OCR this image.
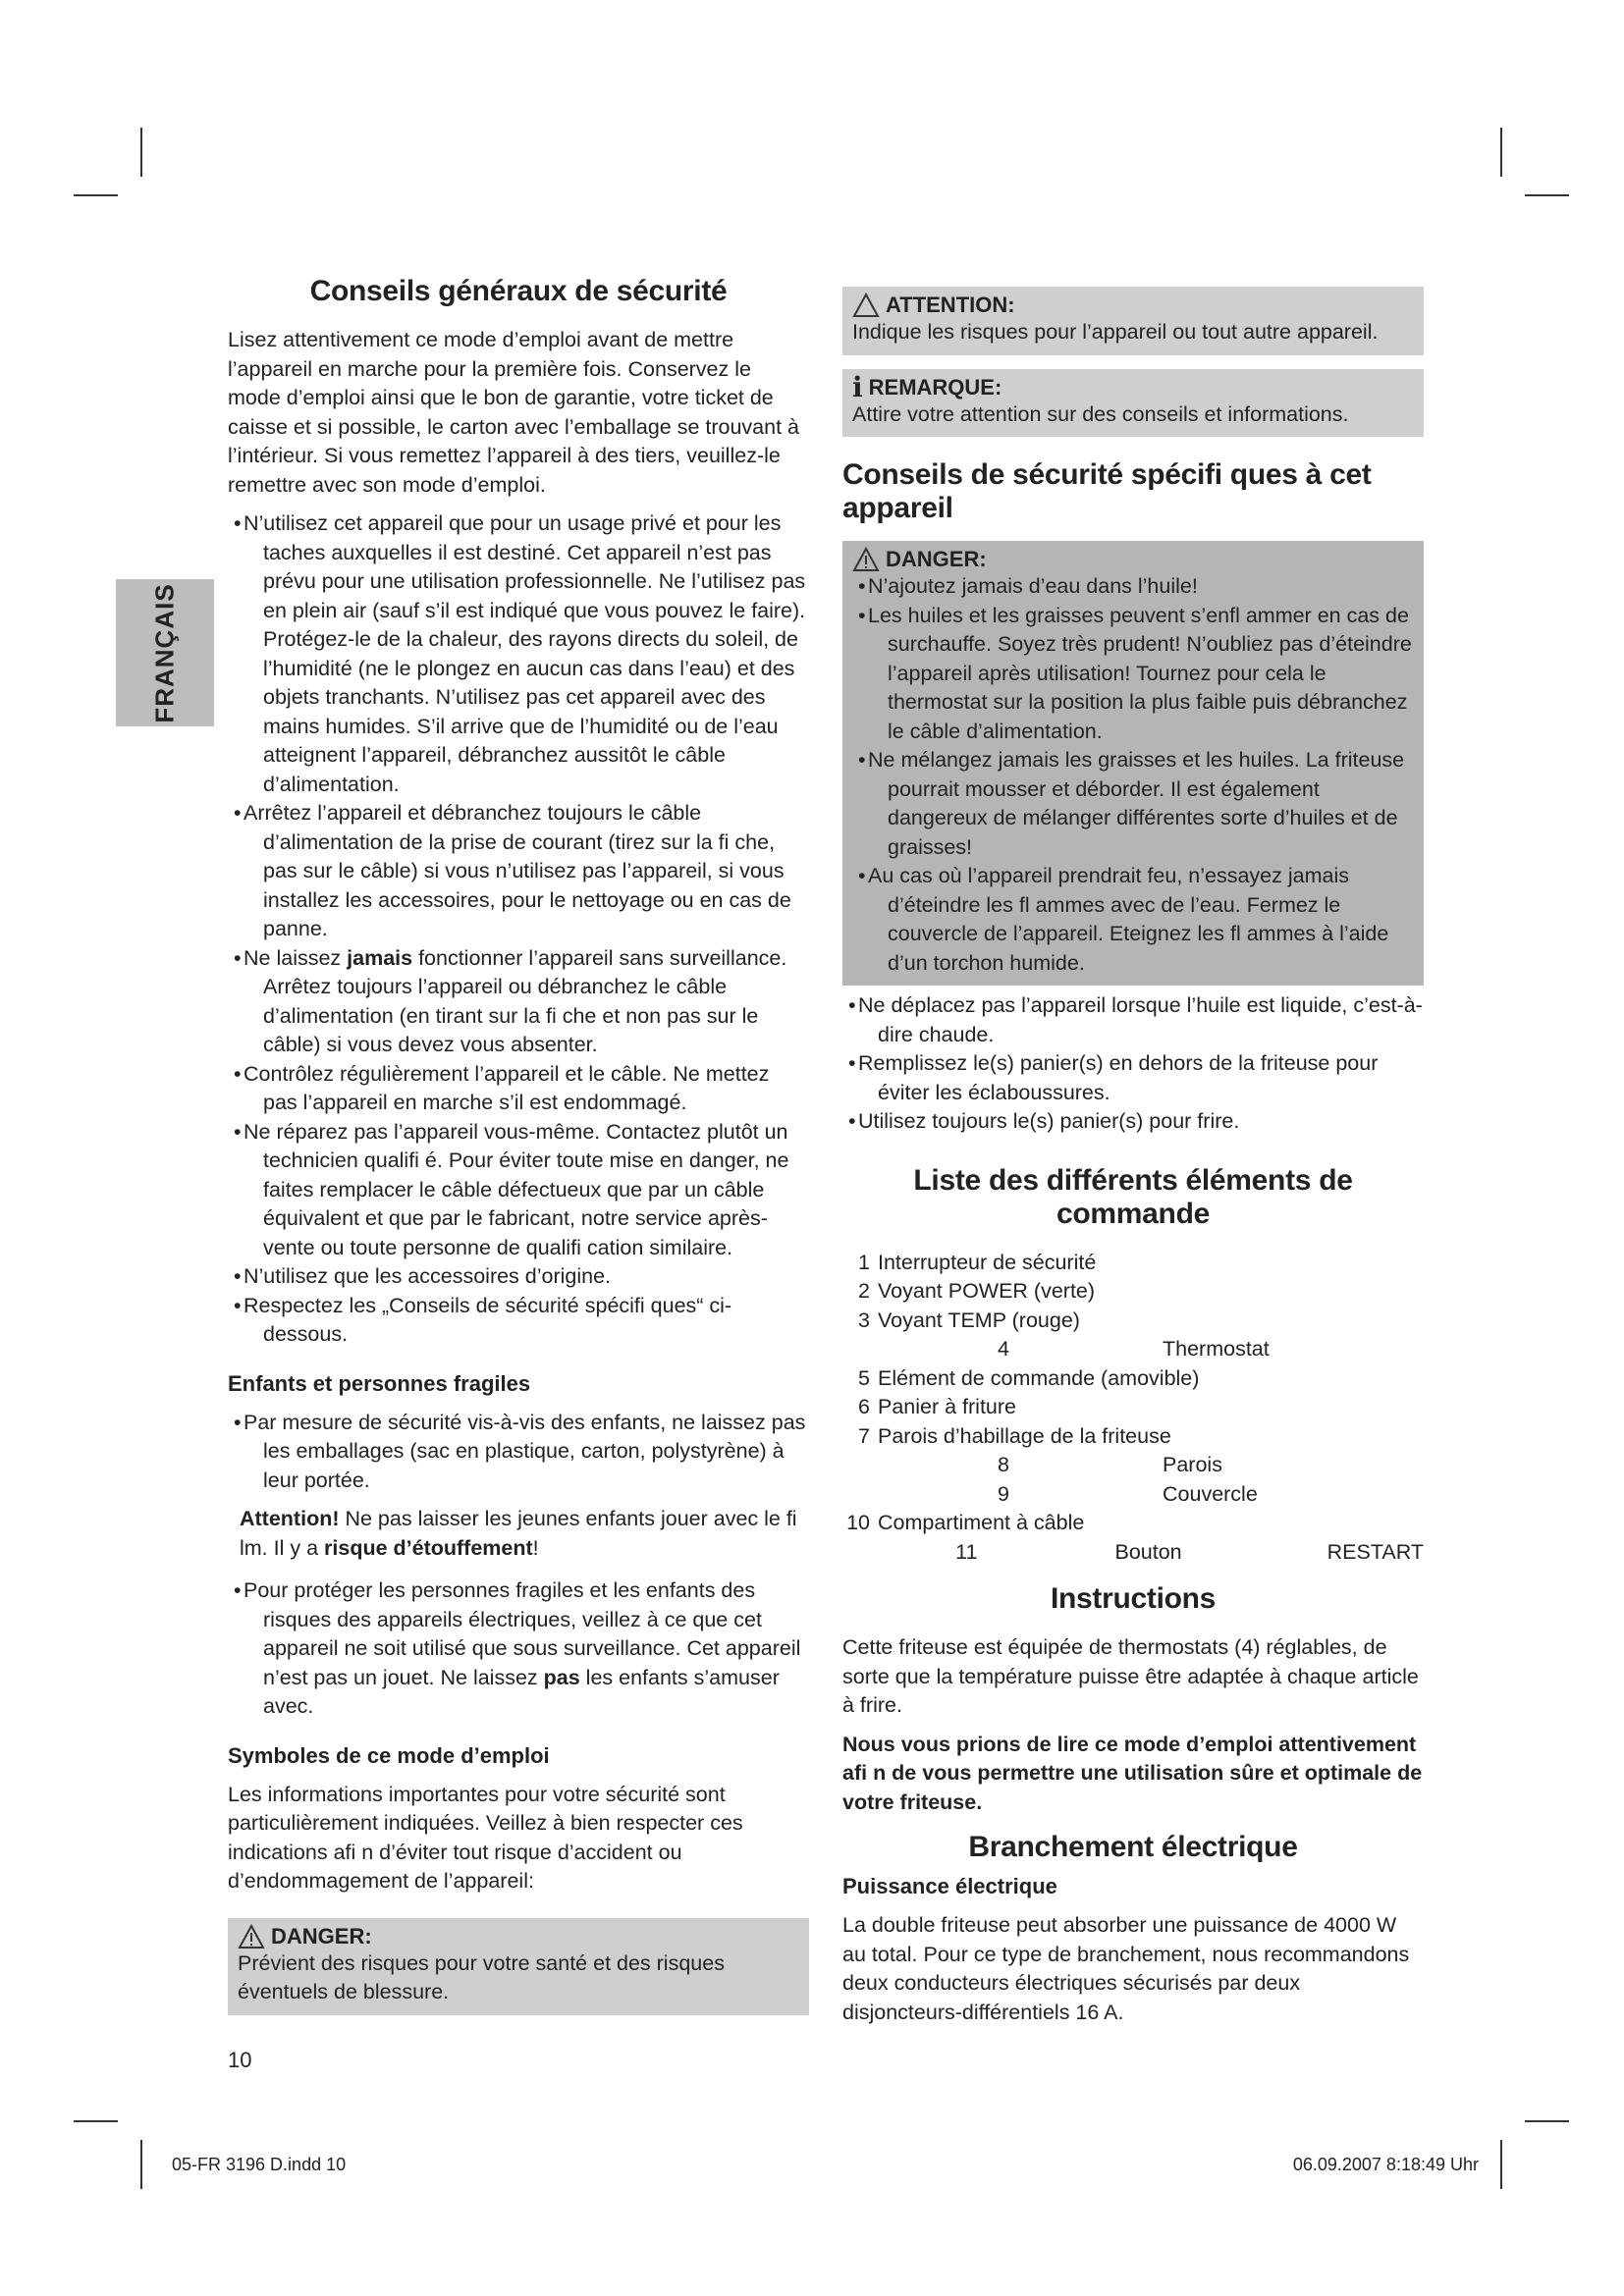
FRANÇAIS
Conseils généraux de sécurité

Lisez attentivement ce mode d’emploi avant de mettre l’appareil en marche pour la première fois. Conservez le mode d’emploi ainsi que le bon de garantie, votre ticket de caisse et si possible, le carton avec l’emballage se trouvant à l’intérieur. Si vous remettez l’appareil à des tiers, veuillez-le remettre avec son mode d’emploi.

• N’utilisez cet appareil que pour un usage privé et pour les taches auxquelles il est destiné. Cet appareil n’est pas prévu pour une utilisation professionnelle. Ne l’utilisez pas en plein air (sauf s’il est indiqué que vous pouvez le faire). Protégez-le de la chaleur, des rayons directs du soleil, de l’humidité (ne le plongez en aucun cas dans l’eau) et des objets tranchants. N’utilisez pas cet appareil avec des mains humides. S’il arrive que de l’humidité ou de l’eau atteignent l’appareil, débranchez aussitôt le câble d’alimentation.
• Arrêtez l’appareil et débranchez toujours le câble d’alimentation de la prise de courant (tirez sur la fi che, pas sur le câble) si vous n’utilisez pas l’appareil, si vous installez les accessoires, pour le nettoyage ou en cas de panne.
• Ne laissez jamais fonctionner l’appareil sans surveillance. Arrêtez toujours l’appareil ou débranchez le câble d’alimentation (en tirant sur la fi che et non pas sur le câble) si vous devez vous absenter.
• Contrôlez régulièrement l’appareil et le câble. Ne mettez pas l’appareil en marche s’il est endommagé.
• Ne réparez pas l’appareil vous-même. Contactez plutôt un technicien qualifi é. Pour éviter toute mise en danger, ne faites remplacer le câble défectueux que par un câble équivalent et que par le fabricant, notre service après-vente ou toute personne de qualifi cation similaire.
• N’utilisez que les accessoires d’origine.
• Respectez les „Conseils de sécurité spécifi ques“ ci-dessous.
Enfants et personnes fragiles
• Par mesure de sécurité vis-à-vis des enfants, ne laissez pas les emballages (sac en plastique, carton, polystyrène) à leur portée.

Attention! Ne pas laisser les jeunes enfants jouer avec le fi lm. Il y a risque d’étouffement!

• Pour protéger les personnes fragiles et les enfants des risques des appareils électriques, veillez à ce que cet appareil ne soit utilisé que sous surveillance. Cet appareil n’est pas un jouet. Ne laissez pas les enfants s’amuser avec.
Symboles de ce mode d’emploi

Les informations importantes pour votre sécurité sont particulièrement indiquées. Veillez à bien respecter ces indications afi n d’éviter tout risque d’accident ou d’endommagement de l’appareil:

DANGER:

Prévient des risques pour votre santé et des risques éventuels de blessure.

ATTENTION:

Indique les risques pour l’appareil ou tout autre appareil.

i REMARQUE:

Attire votre attention sur des conseils et informations.

Conseils de sécurité spécifi ques à cet appareil
DANGER:
• N’ajoutez jamais d’eau dans l’huile!
• Les huiles et les graisses peuvent s’enfl ammer en cas de surchauffe. Soyez très prudent! N’oubliez pas d’éteindre l’appareil après utilisation! Tournez pour cela le thermostat sur la position la plus faible puis débranchez le câble d’alimentation.
• Ne mélangez jamais les graisses et les huiles. La friteuse pourrait mousser et déborder. Il est également dangereux de mélanger différentes sorte d’huiles et de graisses!
• Au cas où l’appareil prendrait feu, n’essayez jamais d’éteindre les fl ammes avec de l’eau. Fermez le couvercle de l’appareil. Eteignez les fl ammes à l’aide d’un torchon humide.
• Ne déplacez pas l’appareil lorsque l’huile est liquide, c’est-à-dire chaude.
• Remplissez le(s) panier(s) en dehors de la friteuse pour éviter les éclaboussures.
• Utilisez toujours le(s) panier(s) pour frire.
Liste des différents éléments de commande
1 Interrupteur de sécurité
2 Voyant POWER (verte)
3 Voyant TEMP (rouge)
4	Thermostat
5 Elément de commande (amovible)
6 Panier à friture
7 Parois d’habillage de la friteuse
8	Parois
9	Couvercle
10 Compartiment à câble
11	Bouton	RESTART
Instructions

Cette friteuse est équipée de thermostats (4) réglables, de sorte que la température puisse être adaptée à chaque article à frire.

Nous vous prions de lire ce mode d’emploi attentivement afi n de vous permettre une utilisation sûre et optimale de votre friteuse.

Branchement électrique
Puissance électrique

La double friteuse peut absorber une puissance de 4000 W au total. Pour ce type de branchement, nous recommandons deux conducteurs électriques sécurisés par deux disjoncteurs-différentiels 16 A.

10
05-FR 3196 D.indd 10	06.09.2007 8:18:49 Uhr
